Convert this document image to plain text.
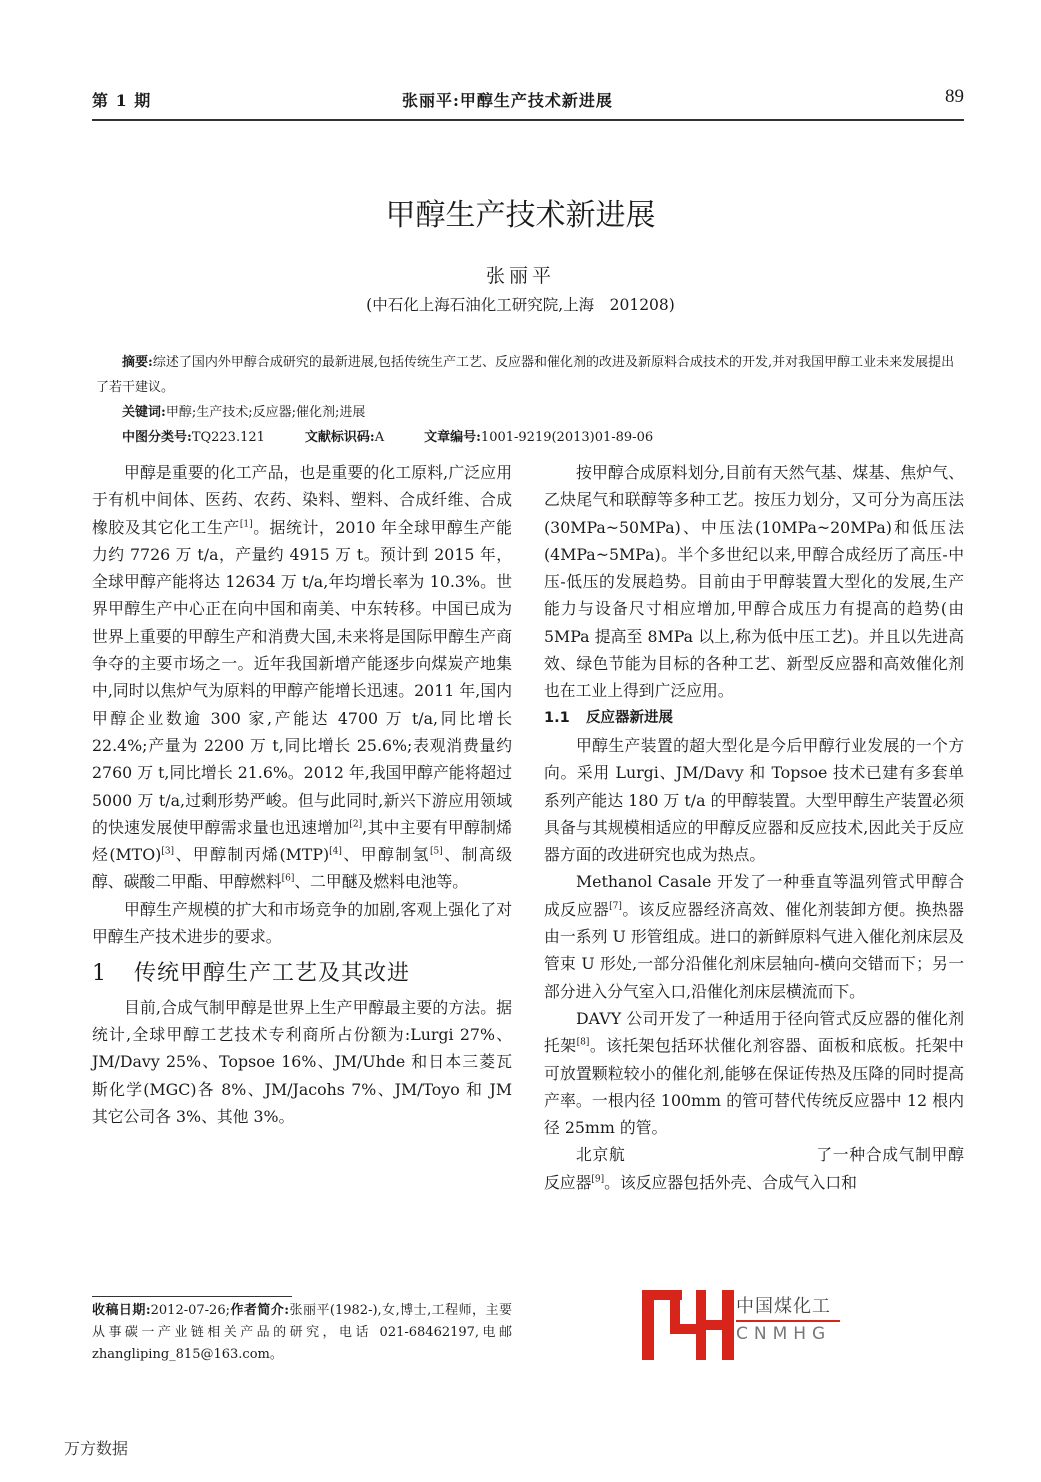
第 1 期	张丽平:甲醇生产技术新进展	89
甲醇生产技术新进展
张丽平
(中石化上海石油化工研究院,上海　201208)

摘要:综述了国内外甲醇合成研究的最新进展,包括传统生产工艺、反应器和催化剂的改进及新原料合成技术的开发,并对我国甲醇工业未来发展提出了若干建议。

关键词:甲醇;生产技术;反应器;催化剂;进展

中图分类号:TQ223.121	文献标识码:A	文章编号:1001-9219(2013)01-89-06

甲醇是重要的化工产品，也是重要的化工原料,广泛应用于有机中间体、医药、农药、染料、塑料、合成纤维、合成橡胶及其它化工生产[1]。据统计，2010 年全球甲醇生产能力约 7726 万 t/a，产量约 4915 万 t。预计到 2015 年，全球甲醇产能将达 12634 万 t/a,年均增长率为 10.3%。世界甲醇生产中心正在向中国和南美、中东转移。中国已成为世界上重要的甲醇生产和消费大国,未来将是国际甲醇生产商争夺的主要市场之一。近年我国新增产能逐步向煤炭产地集中,同时以焦炉气为原料的甲醇产能增长迅速。2011 年,国内甲醇企业数逾 300 家,产能达 4700 万 t/a,同比增长 22.4%;产量为 2200 万 t,同比增长 25.6%;表观消费量约 2760 万 t,同比增长 21.6%。2012 年,我国甲醇产能将超过 5000 万 t/a,过剩形势严峻。但与此同时,新兴下游应用领域的快速发展使甲醇需求量也迅速增加[2],其中主要有甲醇制烯烃(MTO)[3]、甲醇制丙烯(MTP)[4]、甲醇制氢[5]、制高级醇、碳酸二甲酯、甲醇燃料[6]、二甲醚及燃料电池等。

甲醇生产规模的扩大和市场竞争的加剧,客观上强化了对甲醇生产技术进步的要求。

1 传统甲醇生产工艺及其改进

目前,合成气制甲醇是世界上生产甲醇最主要的方法。据统计,全球甲醇工艺技术专利商所占份额为:Lurgi 27%、JM/Davy 25%、Topsoe 16%、JM/Uhde 和日本三菱瓦斯化学(MGC)各 8%、JM/Jacohs 7%、JM/Toyo 和 JM 其它公司各 3%、其他 3%。

收稿日期:2012-07-26;作者简介:张丽平(1982-),女,博士,工程师，主要从事碳一产业链相关产品的研究，电话 021-68462197,电邮 zhangliping_815@163.com。

按甲醇合成原料划分,目前有天然气基、煤基、焦炉气、乙炔尾气和联醇等多种工艺。按压力划分，又可分为高压法(30MPa~50MPa)、中压法(10MPa~20MPa)和低压法(4MPa~5MPa)。半个多世纪以来,甲醇合成经历了高压-中压-低压的发展趋势。目前由于甲醇装置大型化的发展,生产能力与设备尺寸相应增加,甲醇合成压力有提高的趋势(由 5MPa 提高至 8MPa 以上,称为低中压工艺)。并且以先进高效、绿色节能为目标的各种工艺、新型反应器和高效催化剂也在工业上得到广泛应用。

1.1 反应器新进展

甲醇生产装置的超大型化是今后甲醇行业发展的一个方向。采用 Lurgi、JM/Davy 和 Topsoe 技术已建有多套单系列产能达 180 万 t/a 的甲醇装置。大型甲醇生产装置必须具备与其规模相适应的甲醇反应器和反应技术,因此关于反应器方面的改进研究也成为热点。

Methanol Casale 开发了一种垂直等温列管式甲醇合成反应器[7]。该反应器经济高效、催化剂装卸方便。换热器由一系列 U 形管组成。进口的新鲜原料气进入催化剂床层及管束 U 形处,一部分沿催化剂床层轴向-横向交错而下；另一部分进入分气室入口,沿催化剂床层横流而下。

DAVY 公司开发了一种适用于径向管式反应器的催化剂托架[8]。该托架包括环状催化剂容器、面板和底板。托架中可放置颗粒较小的催化剂,能够在保证传热及压降的同时提高产率。一根内径 100mm 的管可替代传统反应器中 12 根内径 25mm 的管。

北京航	了一种合成气制甲醇反应器[9]。该反应器包括外壳、合成气入口和

中国煤化工
CNMHG
万方数据
